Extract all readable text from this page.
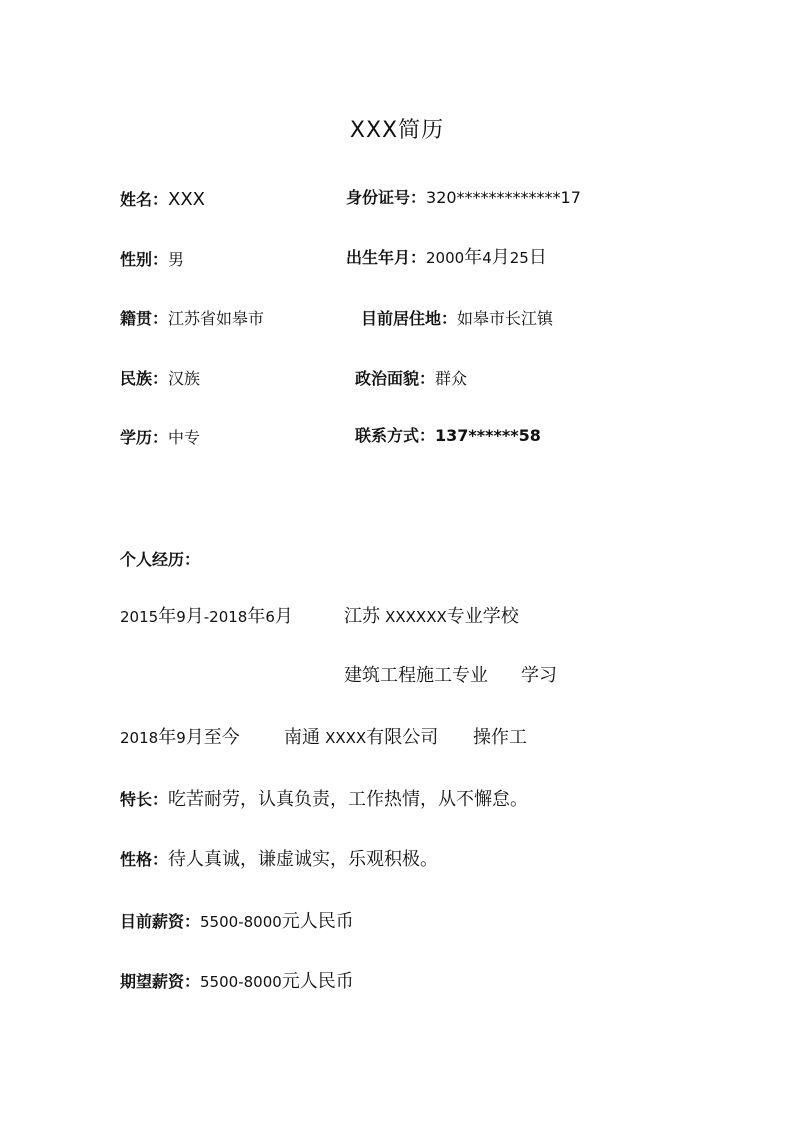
XXX简历
姓名：XXX	身份证号：320*************17
性别：男	出生年月：2000年4月25日
籍贯：江苏省如皋市	目前居住地：如皋市长江镇
民族：汉族	政治面貌：群众
学历：中专	联系方式：137******58
个人经历：
2015年9月-2018年6月	江苏 XXXXXX专业学校
建筑工程施工专业 学习
2018年9月至今 南通 XXXX有限公司 操作工
特长：吃苦耐劳，认真负责，工作热情，从不懈怠。
性格：待人真诚，谦虚诚实，乐观积极。
目前薪资：5500-8000元人民币
期望薪资：5500-8000元人民币
